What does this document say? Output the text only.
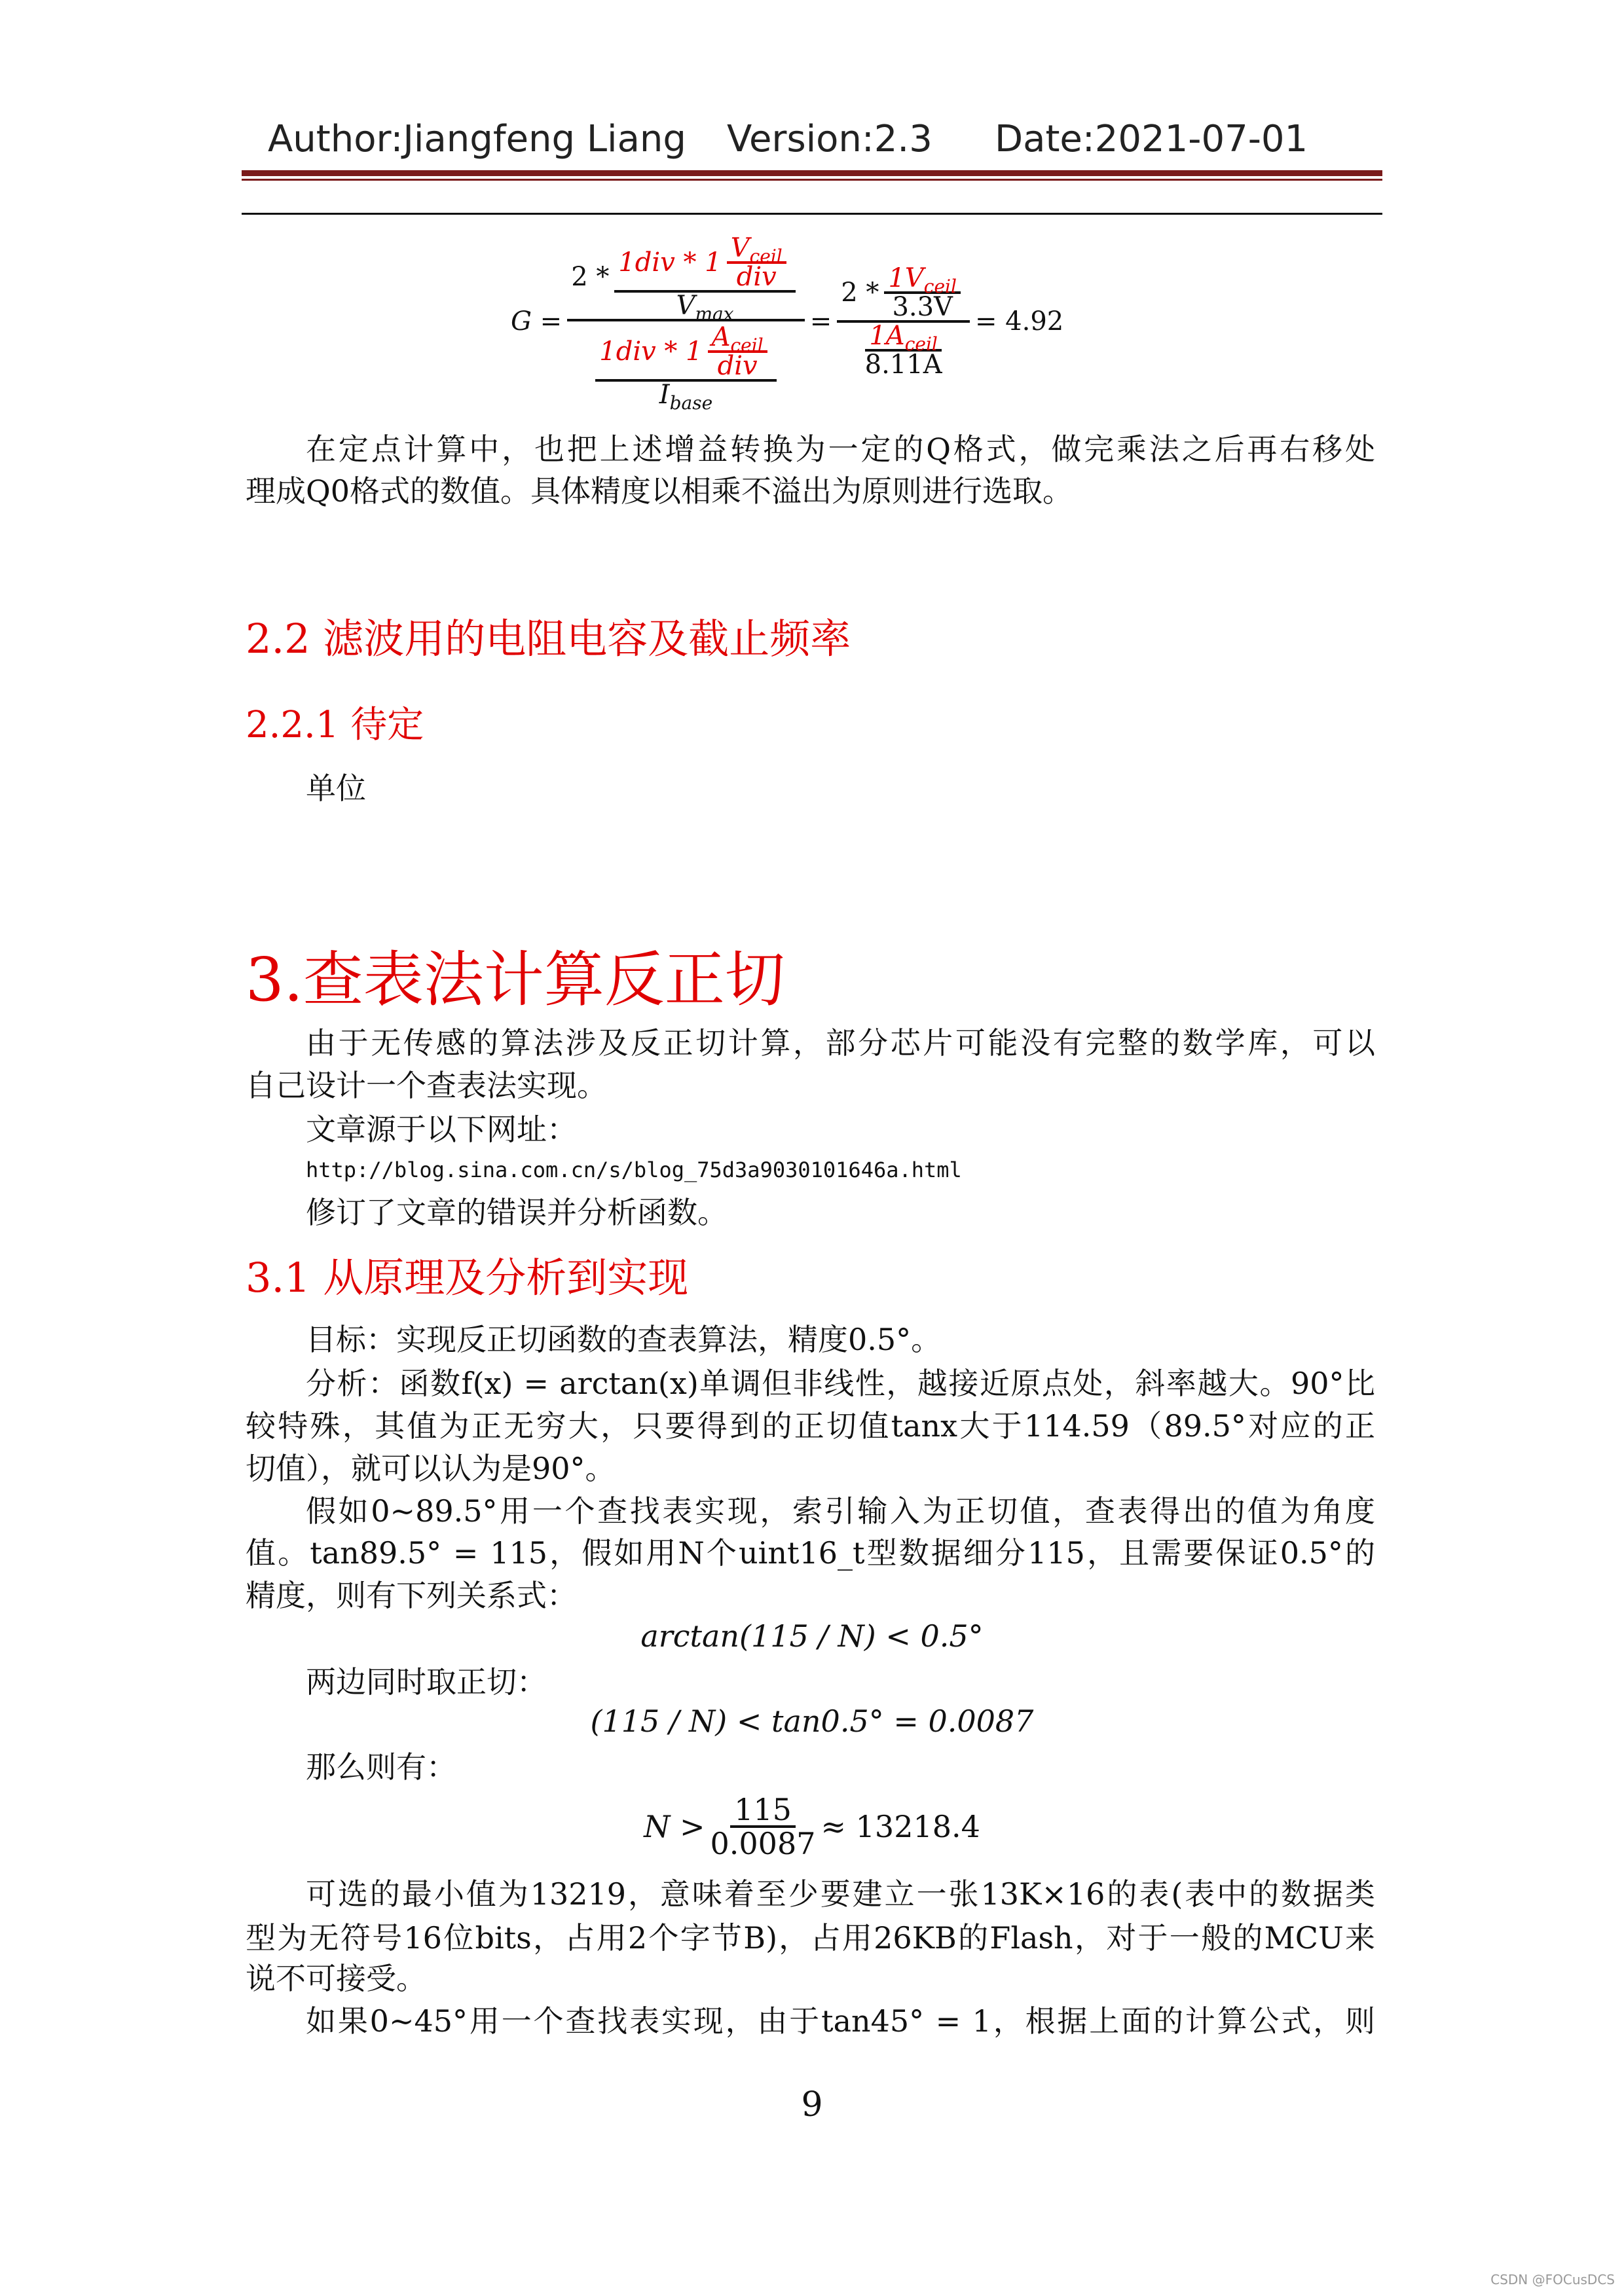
Author:Jiangfeng Liang Version:2.3 Date:2021-07-01
G =
$2 * \frac{1div * 1 \frac{V_{ceil}}{\text{div}}}{V_{max}}$
$\frac{1div * 1 \frac{A_{ceil}}{\text{div}}}{I_{base}}$
= $\frac{2 * \frac{1V_{ceil}}{3.3V}}{\frac{1A_{ceil}}{8.11A}} = 4.92$
在定点计算中，也把上述增益转换为一定的Q格式，做完乘法之后再右移处
理成Q0格式的数值。具体精度以相乘不溢出为原则进行选取。
2.2 滤波用的电阻电容及截止频率
2.2.1 待定
单位
3.查表法计算反正切
由于无传感的算法涉及反正切计算，部分芯片可能没有完整的数学库，可以
自己设计一个查表法实现。
文章源于以下网址：
http://blog.sina.com.cn/s/blog_75d3a9030101646a.html
修订了文章的错误并分析函数。
3.1 从原理及分析到实现
目标：实现反正切函数的查表算法，精度0.5°。
分析：函数f(x) = arctan(x)单调但非线性，越接近原点处，斜率越大。90°比
较特殊，其值为正无穷大，只要得到的正切值tanx大于114.59（89.5°对应的正
切值），就可以认为是90°。
假如0~89.5°用一个查找表实现，索引输入为正切值，查表得出的值为角度
值。tan89.5° = 115，假如用N个uint16_t型数据细分115，且需要保证0.5°的
精度，则有下列关系式：
arctan(115 / N) < 0.5°
两边同时取正切：
(115 / N) < tan0.5° = 0.0087
那么则有：
可选的最小值为13219，意味着至少要建立一张13K×16的表(表中的数据类
型为无符号16位bits，占用2个字节B)，占用26KB的Flash，对于一般的MCU来
说不可接受。
如果0~45°用一个查找表实现，由于tan45° = 1，根据上面的计算公式，则
$N > \frac{115}{0.0087} \approx 13218.4$
9
CSDN @FOCusDCS
